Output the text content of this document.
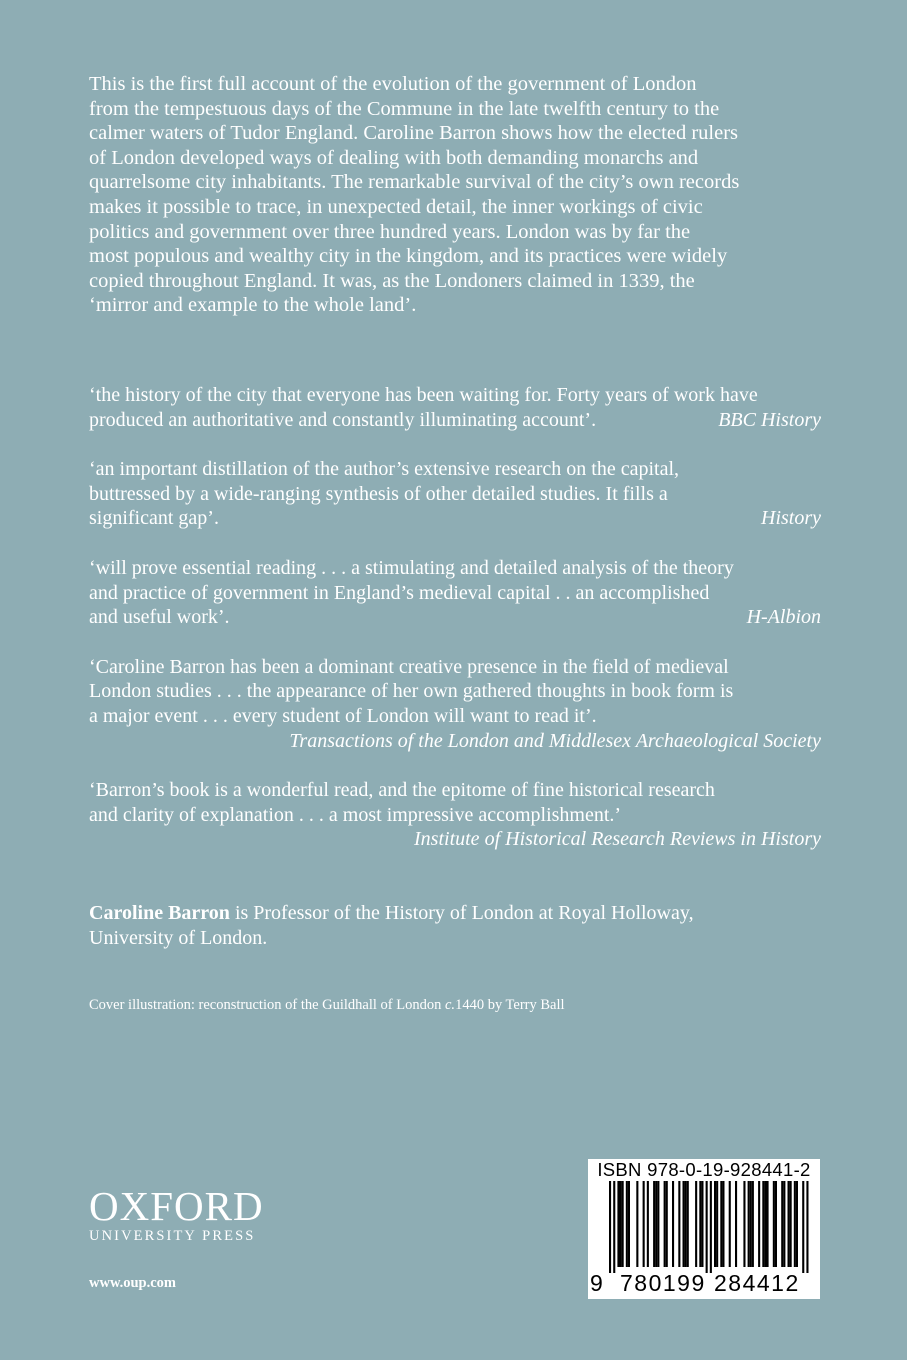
This is the first full account of the evolution of the government of London
from the tempestuous days of the Commune in the late twelfth century to the
calmer waters of Tudor England. Caroline Barron shows how the elected rulers
of London developed ways of dealing with both demanding monarchs and
quarrelsome city inhabitants. The remarkable survival of the city’s own records
makes it possible to trace, in unexpected detail, the inner workings of civic
politics and government over three hundred years. London was by far the
most populous and wealthy city in the kingdom, and its practices were widely
copied throughout England. It was, as the Londoners claimed in 1339, the
‘mirror and example to the whole land’.
‘the history of the city that everyone has been waiting for. Forty years of work have
produced an authoritative and constantly illuminating account’.	BBC History
‘an important distillation of the author’s extensive research on the capital,
buttressed by a wide-ranging synthesis of other detailed studies. It fills a
significant gap’.	History
‘will prove essential reading . . . a stimulating and detailed analysis of the theory
and practice of government in England’s medieval capital . . an accomplished
and useful work’.	H-Albion
‘Caroline Barron has been a dominant creative presence in the field of medieval
London studies . . . the appearance of her own gathered thoughts in book form is
a major event . . . every student of London will want to read it’.
Transactions of the London and Middlesex Archaeological Society
‘Barron’s book is a wonderful read, and the epitome of fine historical research
and clarity of explanation . . . a most impressive accomplishment.’
Institute of Historical Research Reviews in History
Caroline Barron is Professor of the History of London at Royal Holloway,
University of London.
Cover illustration: reconstruction of the Guildhall of London c.1440 by Terry Ball
OXFORD
UNIVERSITY PRESS
www.oup.com
ISBN 978-0-19-928441-2
9 780199 284412
